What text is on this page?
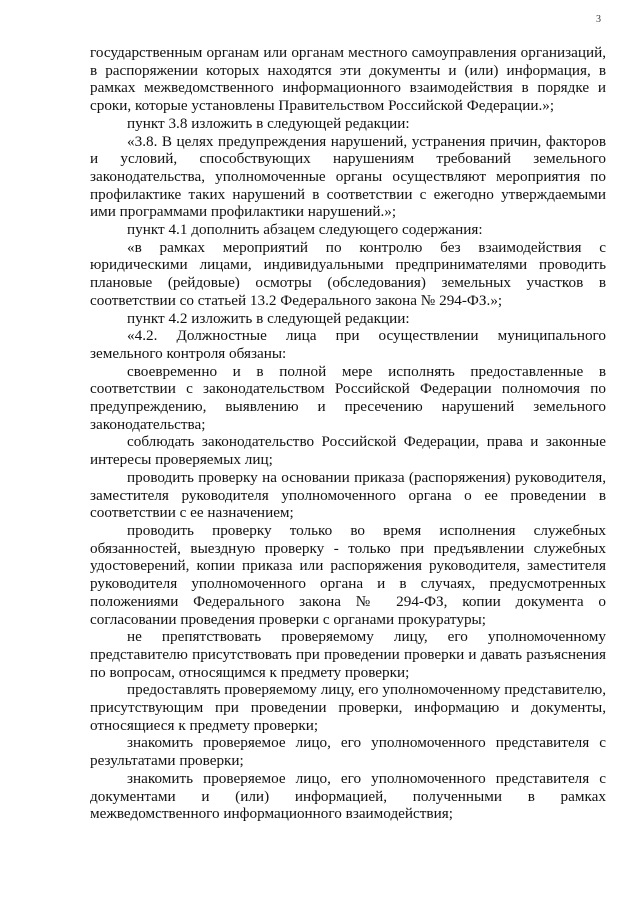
3

государственным органам или органам местного самоуправления организаций, в распоряжении которых находятся эти документы и (или) информация, в рамках межведомственного информационного взаимодействия в порядке и сроки, которые установлены Правительством Российской Федерации.»;

пункт 3.8 изложить в следующей редакции:

«3.8. В целях предупреждения нарушений, устранения причин, факторов и условий, способствующих нарушениям требований земельного законодательства, уполномоченные органы осуществляют мероприятия по профилактике таких нарушений в соответствии с ежегодно утверждаемыми ими программами профилактики нарушений.»;

пункт 4.1 дополнить абзацем следующего содержания:

«в рамках мероприятий по контролю без взаимодействия с юридическими лицами, индивидуальными предпринимателями проводить плановые (рейдовые) осмотры (обследования) земельных участков в соответствии со статьей 13.2 Федерального закона № 294-ФЗ.»;

пункт 4.2 изложить в следующей редакции:

«4.2. Должностные лица при осуществлении муниципального земельного контроля обязаны:

своевременно и в полной мере исполнять предоставленные в соответствии с законодательством Российской Федерации полномочия по предупреждению, выявлению и пресечению нарушений земельного законодательства;

соблюдать законодательство Российской Федерации, права и законные интересы проверяемых лиц;

проводить проверку на основании приказа (распоряжения) руководителя, заместителя руководителя уполномоченного органа о ее проведении в соответствии с ее назначением;

проводить проверку только во время исполнения служебных обязанностей, выездную проверку - только при предъявлении служебных удостоверений, копии приказа или распоряжения руководителя, заместителя руководителя уполномоченного органа и в случаях, предусмотренных положениями Федерального закона № 294-ФЗ, копии документа о согласовании проведения проверки с органами прокуратуры;

не препятствовать проверяемому лицу, его уполномоченному представителю присутствовать при проведении проверки и давать разъяснения по вопросам, относящимся к предмету проверки;

предоставлять проверяемому лицу, его уполномоченному представителю, присутствующим при проведении проверки, информацию и документы, относящиеся к предмету проверки;

знакомить проверяемое лицо, его уполномоченного представителя с результатами проверки;

знакомить проверяемое лицо, его уполномоченного представителя с документами и (или) информацией, полученными в рамках межведомственного информационного взаимодействия;
